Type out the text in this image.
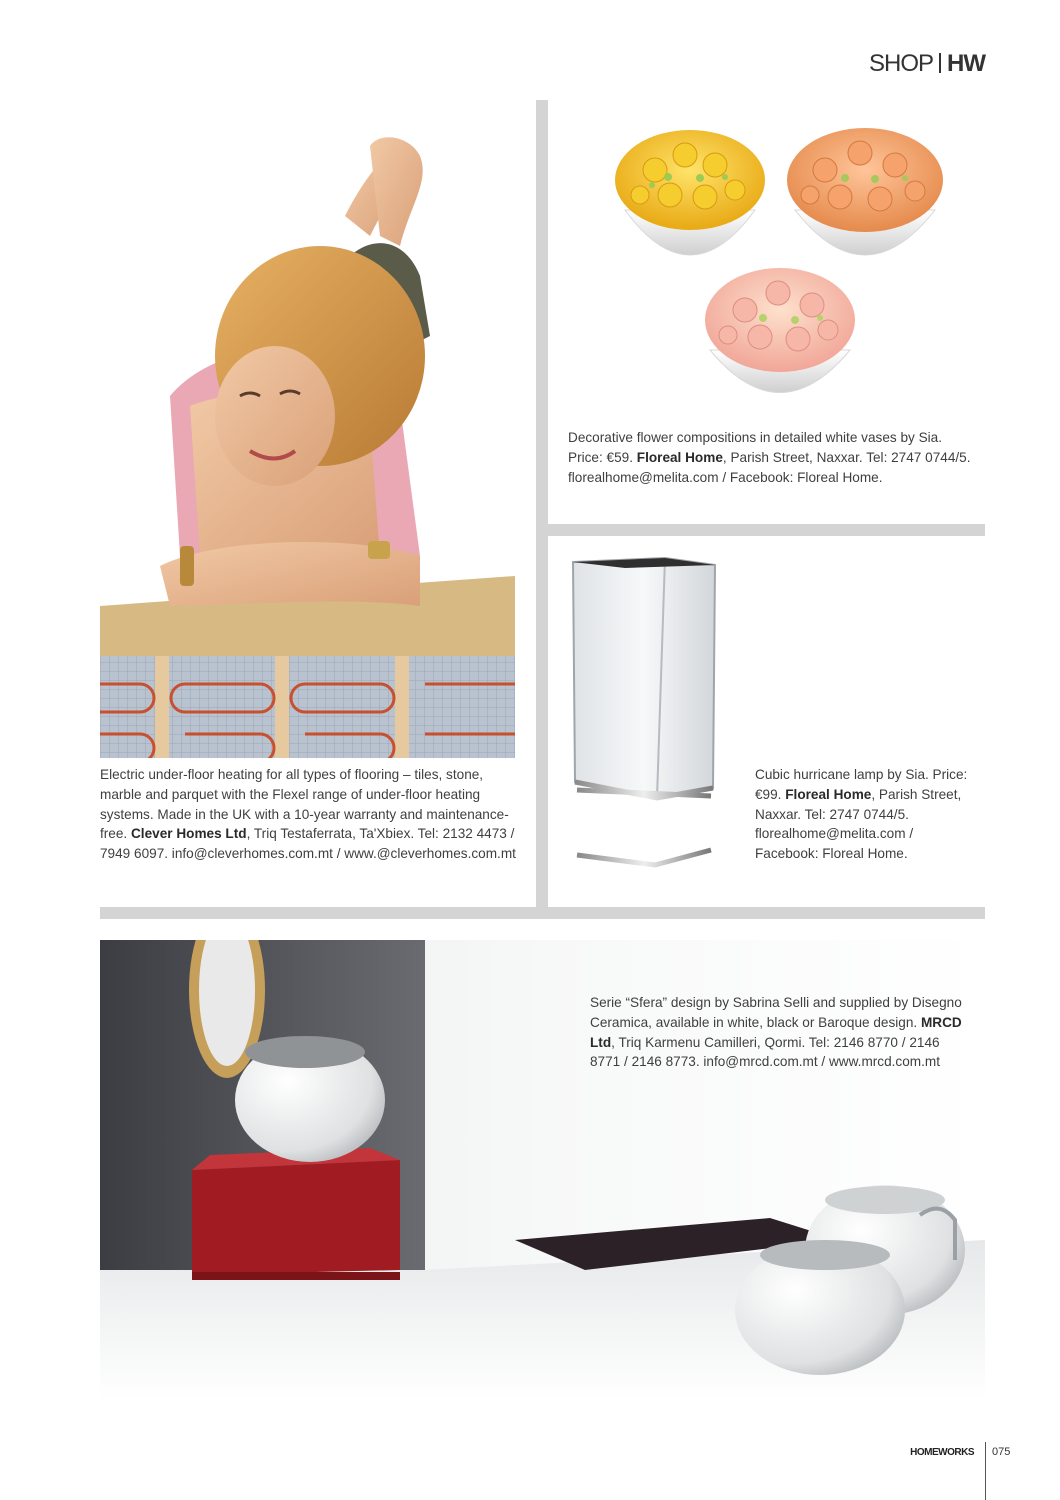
SHOP HW
Electric under-floor heating for all types of flooring – tiles, stone, marble and parquet with the Flexel range of under-floor heating systems. Made in the UK with a 10-year warranty and maintenance-free. Clever Homes Ltd, Triq Testaferrata, Ta'Xbiex. Tel: 2132 4473 / 7949 6097. info@cleverhomes.com.mt / www.@cleverhomes.com.mt
Decorative flower compositions in detailed white vases by Sia. Price: €59. Floreal Home, Parish Street, Naxxar. Tel: 2747 0744/5. florealhome@melita.com / Facebook: Floreal Home.
Cubic hurricane lamp by Sia. Price: €99. Floreal Home, Parish Street, Naxxar. Tel: 2747 0744/5. florealhome@melita.com / Facebook: Floreal Home.
Serie “Sfera” design by Sabrina Selli and supplied by Disegno Ceramica, available in white, black or Baroque design. MRCD Ltd, Triq Karmenu Camilleri, Qormi. Tel: 2146 8770 / 2146 8771 / 2146 8773. info@mrcd.com.mt / www.mrcd.com.mt
HOMEWORKS 075
